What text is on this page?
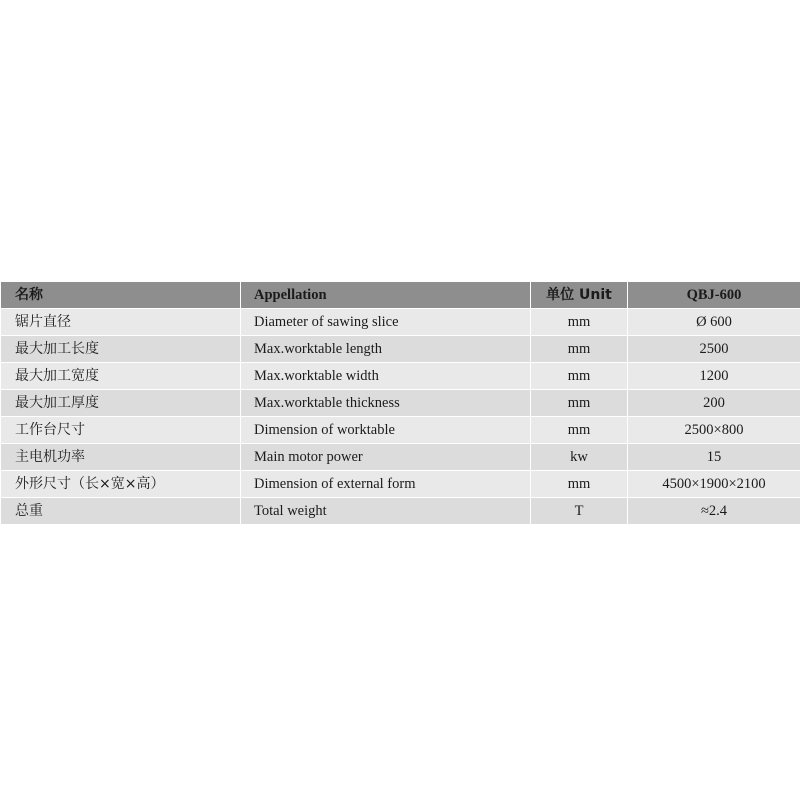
名称	Appellation	单位 Unit	QBJ-600
锯片直径	Diameter of sawing slice	mm	Ø 600
最大加工长度	Max.worktable length	mm	2500
最大加工宽度	Max.worktable width	mm	1200
最大加工厚度	Max.worktable thickness	mm	200
工作台尺寸	Dimension of worktable	mm	2500×800
主电机功率	Main motor power	kw	15
外形尺寸（长×宽×高）	Dimension of external form	mm	4500×1900×2100
总重	Total weight	T	≈2.4
